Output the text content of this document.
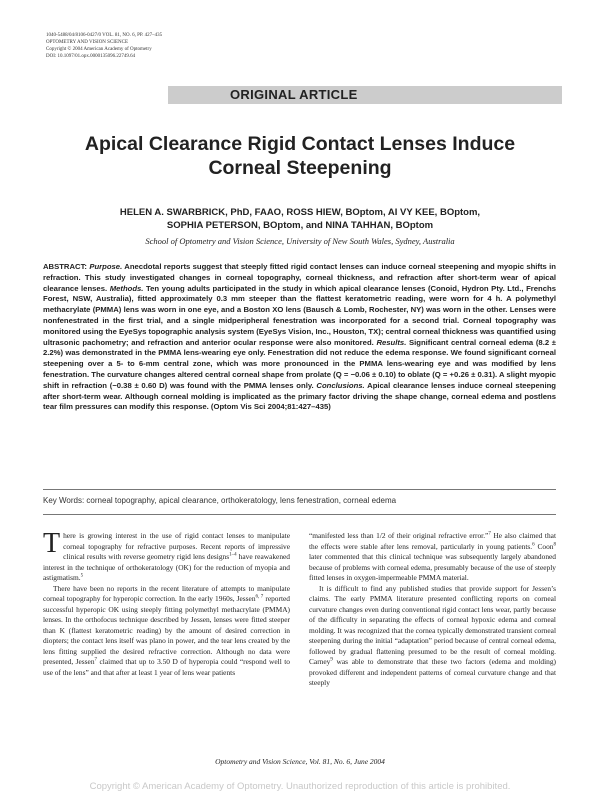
1040-5488/04/8106-0427/0 VOL. 81, NO. 6, PP. 427–435
OPTOMETRY AND VISION SCIENCE
Copyright © 2004 American Academy of Optometry
DOI: 10.1097/01.opx.0000135096.22749.64
ORIGINAL ARTICLE
Apical Clearance Rigid Contact Lenses Induce
Corneal Steepening
HELEN A. SWARBRICK, PhD, FAAO, ROSS HIEW, BOptom, AI VY KEE, BOptom,
SOPHIA PETERSON, BOptom, and NINA TAHHAN, BOptom
School of Optometry and Vision Science, University of New South Wales, Sydney, Australia
ABSTRACT: Purpose. Anecdotal reports suggest that steeply fitted rigid contact lenses can induce corneal steepening and myopic shifts in refraction. This study investigated changes in corneal topography, corneal thickness, and refraction after short-term wear of apical clearance lenses. Methods. Ten young adults participated in the study in which apical clearance lenses (Conoid, Hydron Pty. Ltd., Frenchs Forest, NSW, Australia), fitted approximately 0.3 mm steeper than the flattest keratometric reading, were worn for 4 h. A polymethyl methacrylate (PMMA) lens was worn in one eye, and a Boston XO lens (Bausch & Lomb, Rochester, NY) was worn in the other. Lenses were nonfenestrated in the first trial, and a single midperipheral fenestration was incorporated for a second trial. Corneal topography was monitored using the EyeSys topographic analysis system (EyeSys Vision, Inc., Houston, TX); central corneal thickness was quantified using ultrasonic pachometry; and refraction and anterior ocular response were also monitored. Results. Significant central corneal edema (8.2 ± 2.2%) was demonstrated in the PMMA lens-wearing eye only. Fenestration did not reduce the edema response. We found significant corneal steepening over a 5- to 6-mm central zone, which was more pronounced in the PMMA lens-wearing eye and was modified by lens fenestration. The curvature changes altered central corneal shape from prolate (Q = −0.06 ± 0.10) to oblate (Q = +0.26 ± 0.31). A slight myopic shift in refraction (−0.38 ± 0.60 D) was found with the PMMA lenses only. Conclusions. Apical clearance lenses induce corneal steepening after short-term wear. Although corneal molding is implicated as the primary factor driving the shape change, corneal edema and postlens tear film pressures can modify this response. (Optom Vis Sci 2004;81:427–435)
Key Words: corneal topography, apical clearance, orthokeratology, lens fenestration, corneal edema

There is growing interest in the use of rigid contact lenses to manipulate corneal topography for refractive purposes. Recent reports of impressive clinical results with reverse geometry rigid lens designs$^{1-4}$ have reawakened interest in the technique of orthokeratology (OK) for the reduction of myopia and astigmatism.$^5$

There have been no reports in the recent literature of attempts to manipulate corneal topography for hyperopic correction. In the early 1960s, Jessen$^{6, 7}$ reported successful hyperopic OK using steeply fitting polymethyl methacrylate (PMMA) lenses. In the orthofocus technique described by Jessen, lenses were fitted steeper than K (flattest keratometric reading) by the amount of desired correction in diopters; the contact lens itself was plano in power, and the tear lens created by the lens fitting supplied the desired refractive correction. Although no data were presented, Jessen$^7$ claimed that up to 3.50 D of hyperopia could “respond well to use of the lens” and that after at least 1 year of lens wear patients

“manifested less than 1/2 of their original refractive error.”$^7$ He also claimed that the effects were stable after lens removal, particularly in young patients.$^6$ Coon$^8$ later commented that this clinical technique was subsequently largely abandoned because of problems with corneal edema, presumably because of the use of steeply fitted lenses in oxygen-impermeable PMMA material.

It is difficult to find any published studies that provide support for Jessen’s claims. The early PMMA literature presented conflicting reports on corneal curvature changes even during conventional rigid contact lens wear, partly because of the difficulty in separating the effects of corneal hypoxic edema and corneal molding. It was recognized that the cornea typically demonstrated transient corneal steepening during the initial “adaptation” period because of central corneal edema, followed by gradual flattening presumed to be the result of corneal molding. Carney$^9$ was able to demonstrate that these two factors (edema and molding) provoked different and independent patterns of corneal curvature change and that steeply

Optometry and Vision Science, Vol. 81, No. 6, June 2004
Copyright © American Academy of Optometry. Unauthorized reproduction of this article is prohibited.
